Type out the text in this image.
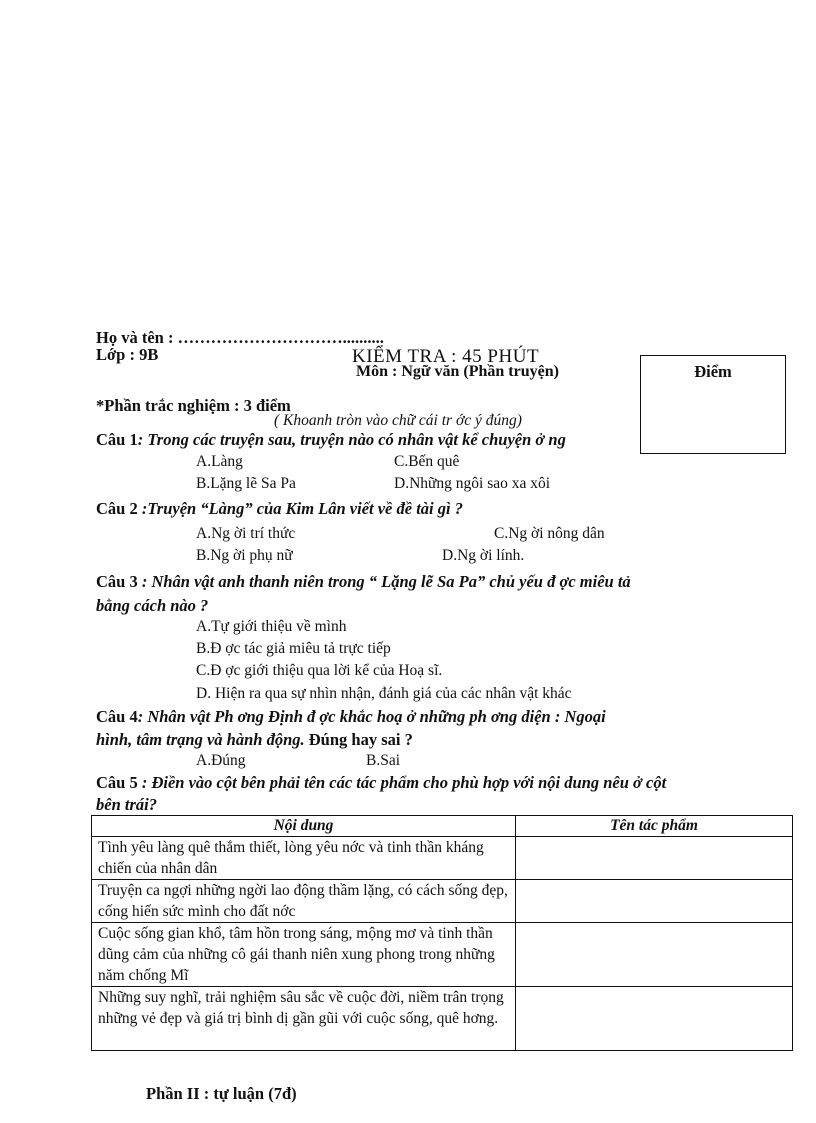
Họ và tên : …………………………..........
Lớp : 9B	KIỂM TRA : 45 PHÚT
Môn : Ngữ văn (Phần truyện)	Điểm
*Phần trắc nghiệm : 3 điểm
( Khoanh tròn vào chữ cái tr ớc ý đúng)
Câu 1: Trong các truyện sau, truyện nào có nhân vật kể chuyện ở ng
A.Làng	C.Bến quê
B.Lặng lẽ Sa Pa	D.Những ngôi sao xa xôi
Câu 2 :Truyện “Làng” của Kim Lân viết về đề tài gì ?
A.Ng ời trí thức	C.Ng ời nông dân
B.Ng ời phụ nữ	D.Ng ời lính.
Câu 3 : Nhân vật anh thanh niên trong “ Lặng lẽ Sa Pa” chủ yếu đ ợc miêu tả
bằng cách nào ?
A.Tự giới thiệu về mình
B.Đ ợc tác giả miêu tả trực tiếp
C.Đ ợc giới thiệu qua lời kể của Hoạ sĩ.
D. Hiện ra qua sự nhìn nhận, đánh giá của các nhân vật khác
Câu 4: Nhân vật Ph ơng Định đ ợc khắc hoạ ở những ph ơng diện : Ngoại
hình, tâm trạng và hành động. Đúng hay sai ?
A.Đúng	B.Sai
Câu 5 : Điền vào cột bên phải tên các tác phẩm cho phù hợp với nội dung nêu ở cột
bên trái?
Nội dung	Tên tác phẩm
Tình yêu làng quê thắm thiết, lòng yêu nớc và tinh thần kháng chiến của nhân dân	
Truyện ca ngợi những ngời lao động thầm lặng, có cách sống đẹp, cống hiến sức mình cho đất nớc	
Cuộc sống gian khổ, tâm hồn trong sáng, mộng mơ và tinh thần dũng cảm của những cô gái thanh niên xung phong trong những năm chống Mĩ	
Những suy nghĩ, trải nghiệm sâu sắc về cuộc đời, niềm trân trọng những vẻ đẹp và giá trị bình dị gần gũi với cuộc sống, quê hơng.	
Phần II : tự luận (7đ)
